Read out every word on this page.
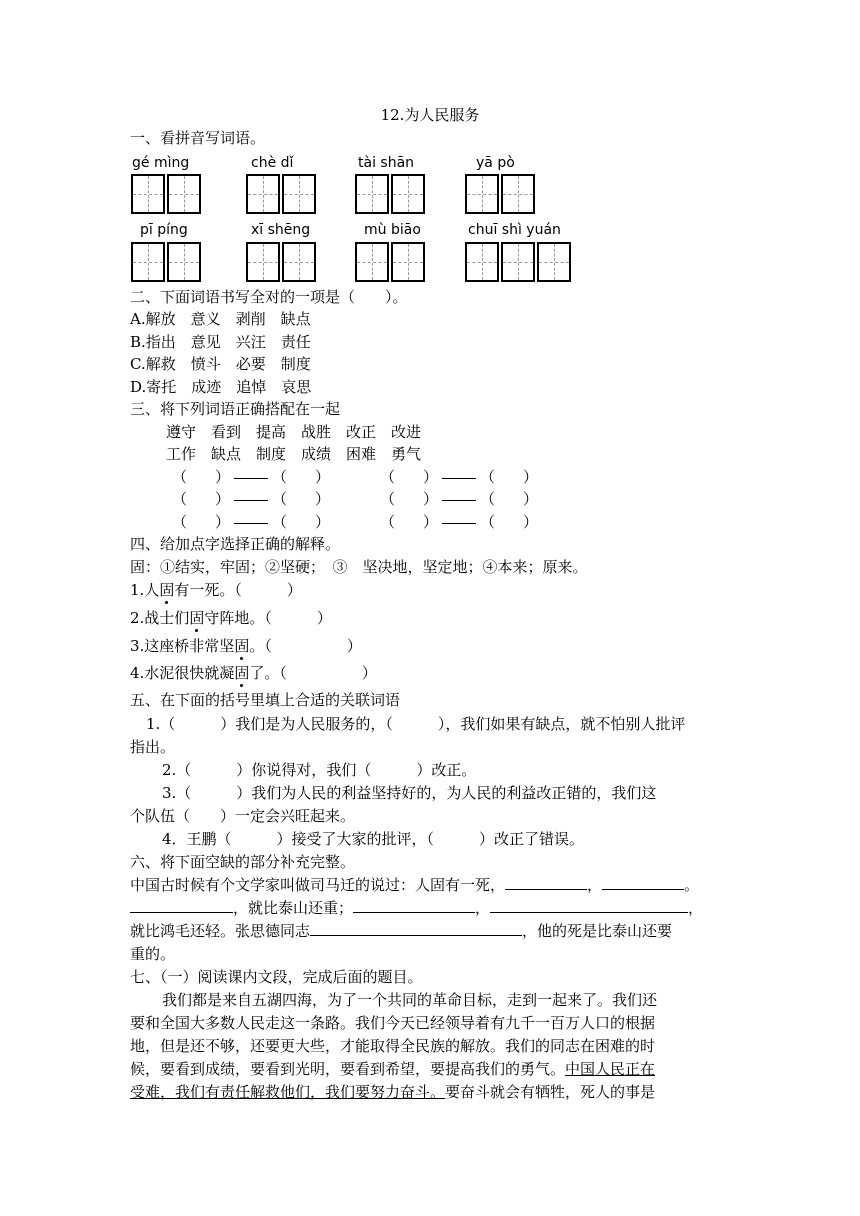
12.为人民服务
一、看拼音写词语。
gé mìng	chè dǐ	tài shān	yā pò
pī píng	xī shēng	mù biāo	chuī shì yuán
二、下面词语书写全对的一项是（　　）。
A.解放　意义　剥削　缺点
B.指出　意见　兴汪　责任
C.解救　愤斗　必要　制度
D.寄托　成迹　追悼　哀思
三、将下列词语正确搭配在一起
遵守　看到　提高　战胜　改正　改进
工作　缺点　制度　成绩　困难　勇气
（ ）	（ ）	（ ）	（ ）
（ ）	（ ）	（ ）	（ ）
（ ）	（ ）	（ ）	（ ）
四、给加点字选择正确的解释。
固：①结实，牢固；②坚硬；　③　坚决地，坚定地；④本来；原来。
1.人固有一死。（　　　）
2.战士们固守阵地。（　　　）
3.这座桥非常坚固。（　　　　　）
4.水泥很快就凝固了。（　　　　　）
五、在下面的括号里填上合适的关联词语
1.（　　　）我们是为人民服务的，（　　　），我们如果有缺点，就不怕别人批评
指出。
2.（　　　）你说得对，我们（　　　）改正。
3.（　　　）我们为人民的利益坚持好的，为人民的利益改正错的，我们这
个队伍（　　）一定会兴旺起来。
4．王鹏（　　　）接受了大家的批评，（　　　）改正了错误。
六、将下面空缺的部分补充完整。
中国古时候有个文学家叫做司马迁的说过：人固有一死，	，	。
，就比泰山还重；	，	，
就比鸿毛还轻。张思德同志	，他的死是比泰山还要
重的。
七、（一）阅读课内文段，完成后面的题目。
我们都是来自五湖四海，为了一个共同的革命目标，走到一起来了。我们还
要和全国大多数人民走这一条路。我们今天已经领导着有九千一百万人口的根据
地，但是还不够，还要更大些，才能取得全民族的解放。我们的同志在困难的时
候，要看到成绩，要看到光明，要看到希望，要提高我们的勇气。中国人民正在
受难，我们有责任解救他们，我们要努力奋斗。要奋斗就会有牺牲，死人的事是
